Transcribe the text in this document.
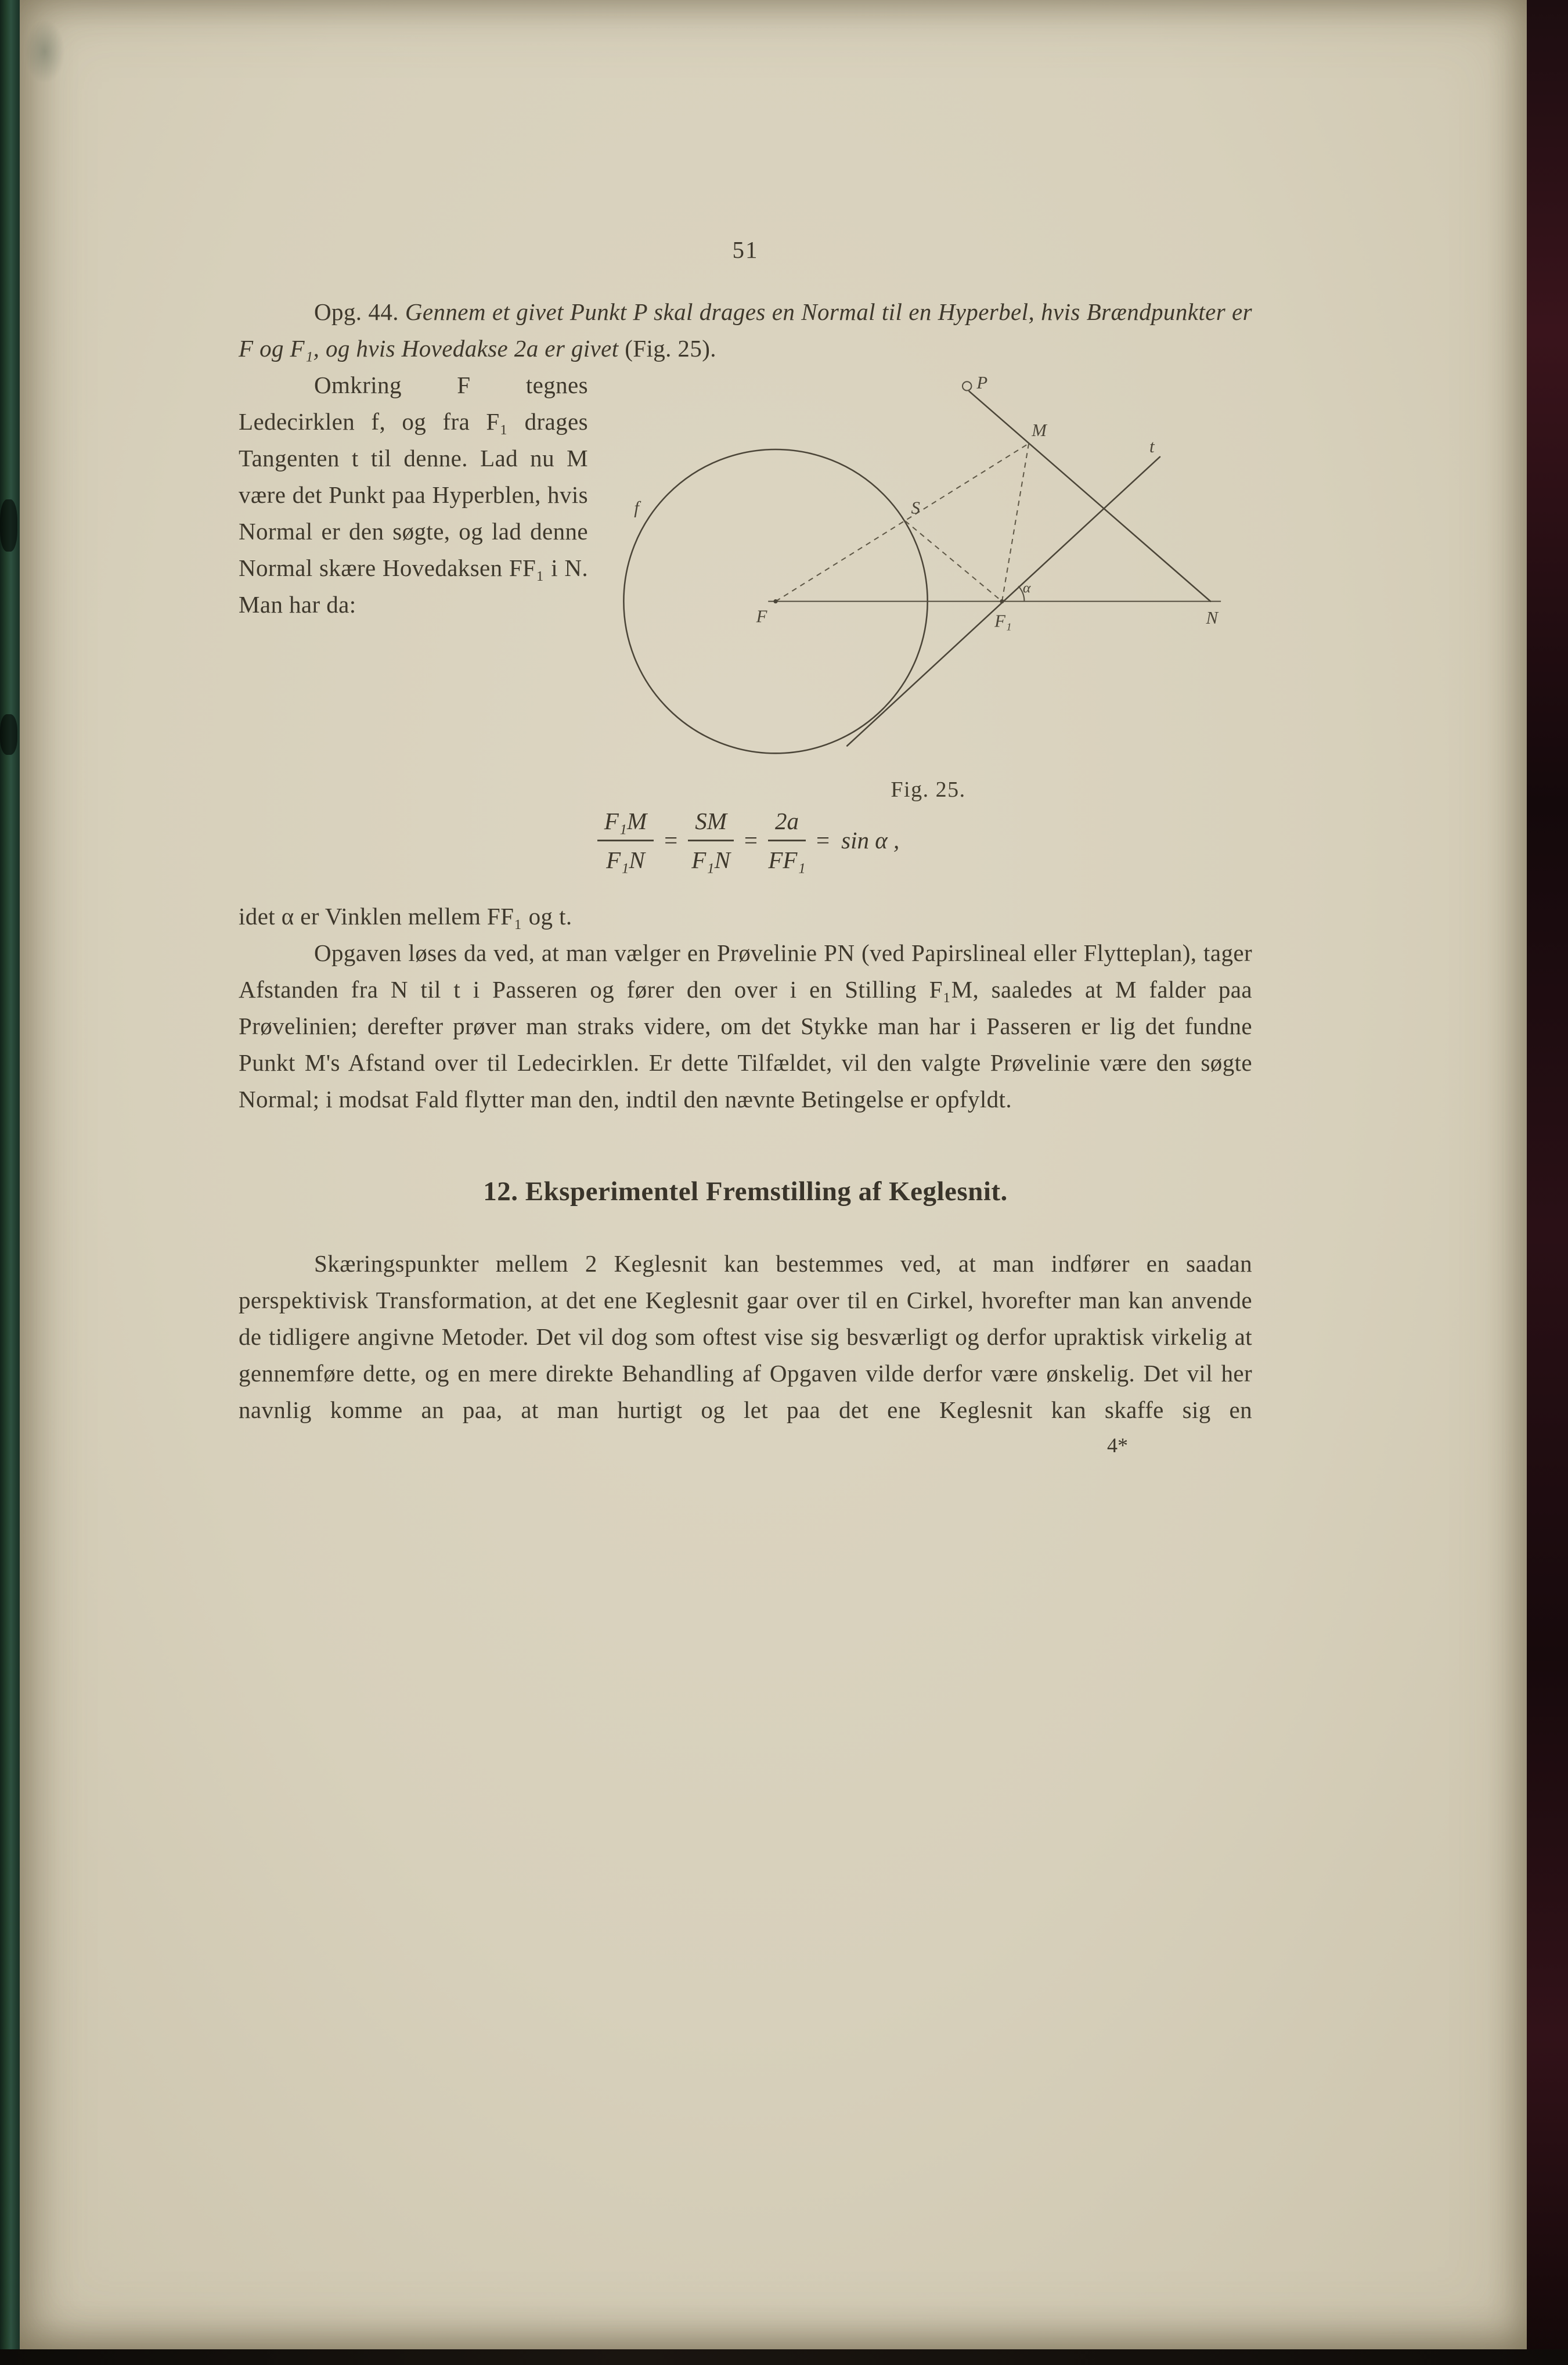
51

Opg. 44. Gennem et givet Punkt P skal drages en Normal til en Hyperbel, hvis Brændpunkter er F og F₁, og hvis Hovedakse 2a er givet (Fig. 25).

P
M
S
F	F₁	N
t
f
α
Fig. 25.

Omkring F tegnes Ledecirklen f, og fra F₁ drages Tangenten t til denne. Lad nu M være det Punkt paa Hyperblen, hvis Normal er den søgte, og lad denne Normal skære Hovedaksen FF₁ i N. Man har da:

$\frac{\text{F₁M}}{\text{F₁N}} = \frac{SM}{\text{F₁N}} = \frac{2a}{\text{FF₁}} = \sin \alpha$ ,

idet α er Vinklen mellem FF₁ og t.

Opgaven løses da ved, at man vælger en Prøvelinie PN (ved Papirslineal eller Flytteplan), tager Afstanden fra N til t i Passeren og fører den over i en Stilling F₁M, saaledes at M falder paa Prøvelinien; derefter prøver man straks videre, om det Stykke man har i Passeren er lig det fundne Punkt M's Afstand over til Ledecirklen. Er dette Tilfældet, vil den valgte Prøvelinie være den søgte Normal; i modsat Fald flytter man den, indtil den nævnte Betingelse er opfyldt.

12. Eksperimentel Fremstilling af Keglesnit.

Skæringspunkter mellem 2 Keglesnit kan bestemmes ved, at man indfører en saadan perspektivisk Transformation, at det ene Keglesnit gaar over til en Cirkel, hvorefter man kan anvende de tidligere angivne Metoder. Det vil dog som oftest vise sig besværligt og derfor upraktisk virkelig at gennemføre dette, og en mere direkte Behandling af Opgaven vilde derfor være ønskelig. Det vil her navnlig komme an paa, at man hurtigt og let paa det ene Keglesnit kan skaffe sig en

4*
